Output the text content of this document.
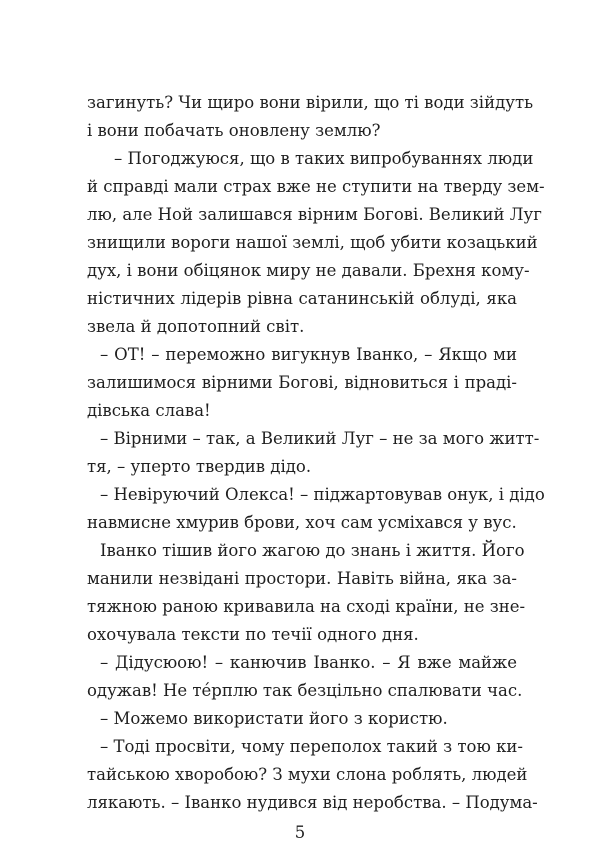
загинуть? Чи щиро вони вірили, що ті води зійдуть
і вони побачать оновлену землю?
– Погоджуюся, що в таких випробуваннях люди
й справді мали страх вже не ступити на тверду зем-
лю, але Ной залишався вірним Богові. Великий Луг
знищили вороги нашої землі, щоб убити козацький
дух, і вони обіцянок миру не давали. Брехня кому-
ністичних лідерів рівна сатанинській облуді, яка
звела й допотопний світ.
– ОТ! – переможно вигукнув Іванко, – Якщо ми
залишимося вірними Богові, відновиться і праді-
дівська слава!
– Вірними – так, а Великий Луг – не за мого житт-
тя, – уперто твердив дідо.
– Невіруючий Олекса! – піджартовував онук, і дідо
навмисне хмурив брови, хоч сам усміхався у вус.
Іванко тішив його жагою до знань і життя. Його
манили незвідані простори. Навіть війна, яка за-
тяжною раною кривавила на сході країни, не зне-
охочувала тексти по течії одного дня.
– Дідусюою! – канючив Іванко. – Я вже майже
одужав! Не тéрплю так безцільно спалювати час.
– Можемо використати його з користю.
– Тоді просвіти, чому переполох такий з тою ки-
тайською хворобою? З мухи слона роблять, людей
лякають. – Іванко нудився від неробства. – Подума-
5
